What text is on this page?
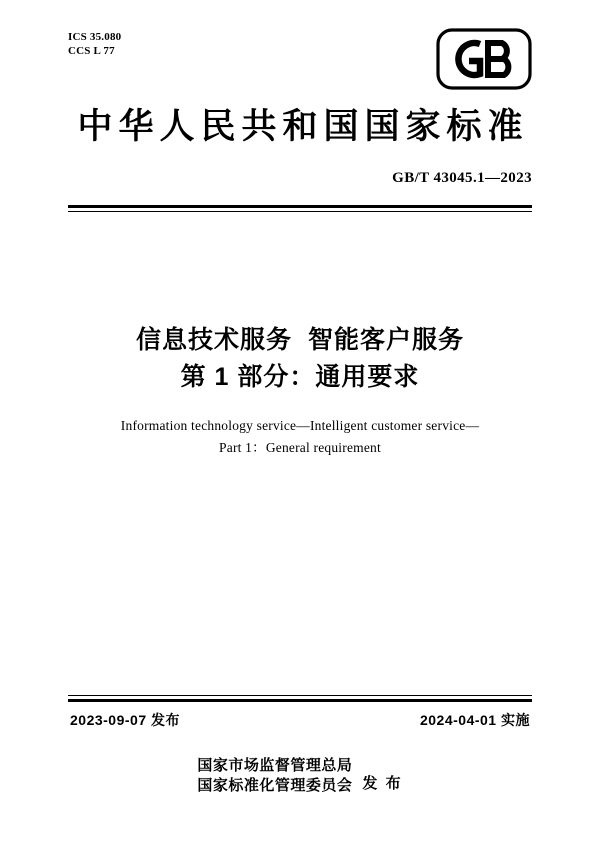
ICS 35.080
CCS L 77
中华人民共和国国家标准
GB/T 43045.1—2023
信息技术服务  智能客户服务
第 1 部分：通用要求
Information technology service—Intelligent customer service—
Part 1：General requirement
2023-09-07 发布	2024-04-01 实施
国家市场监督管理总局
国家标准化管理委员会 发 布
